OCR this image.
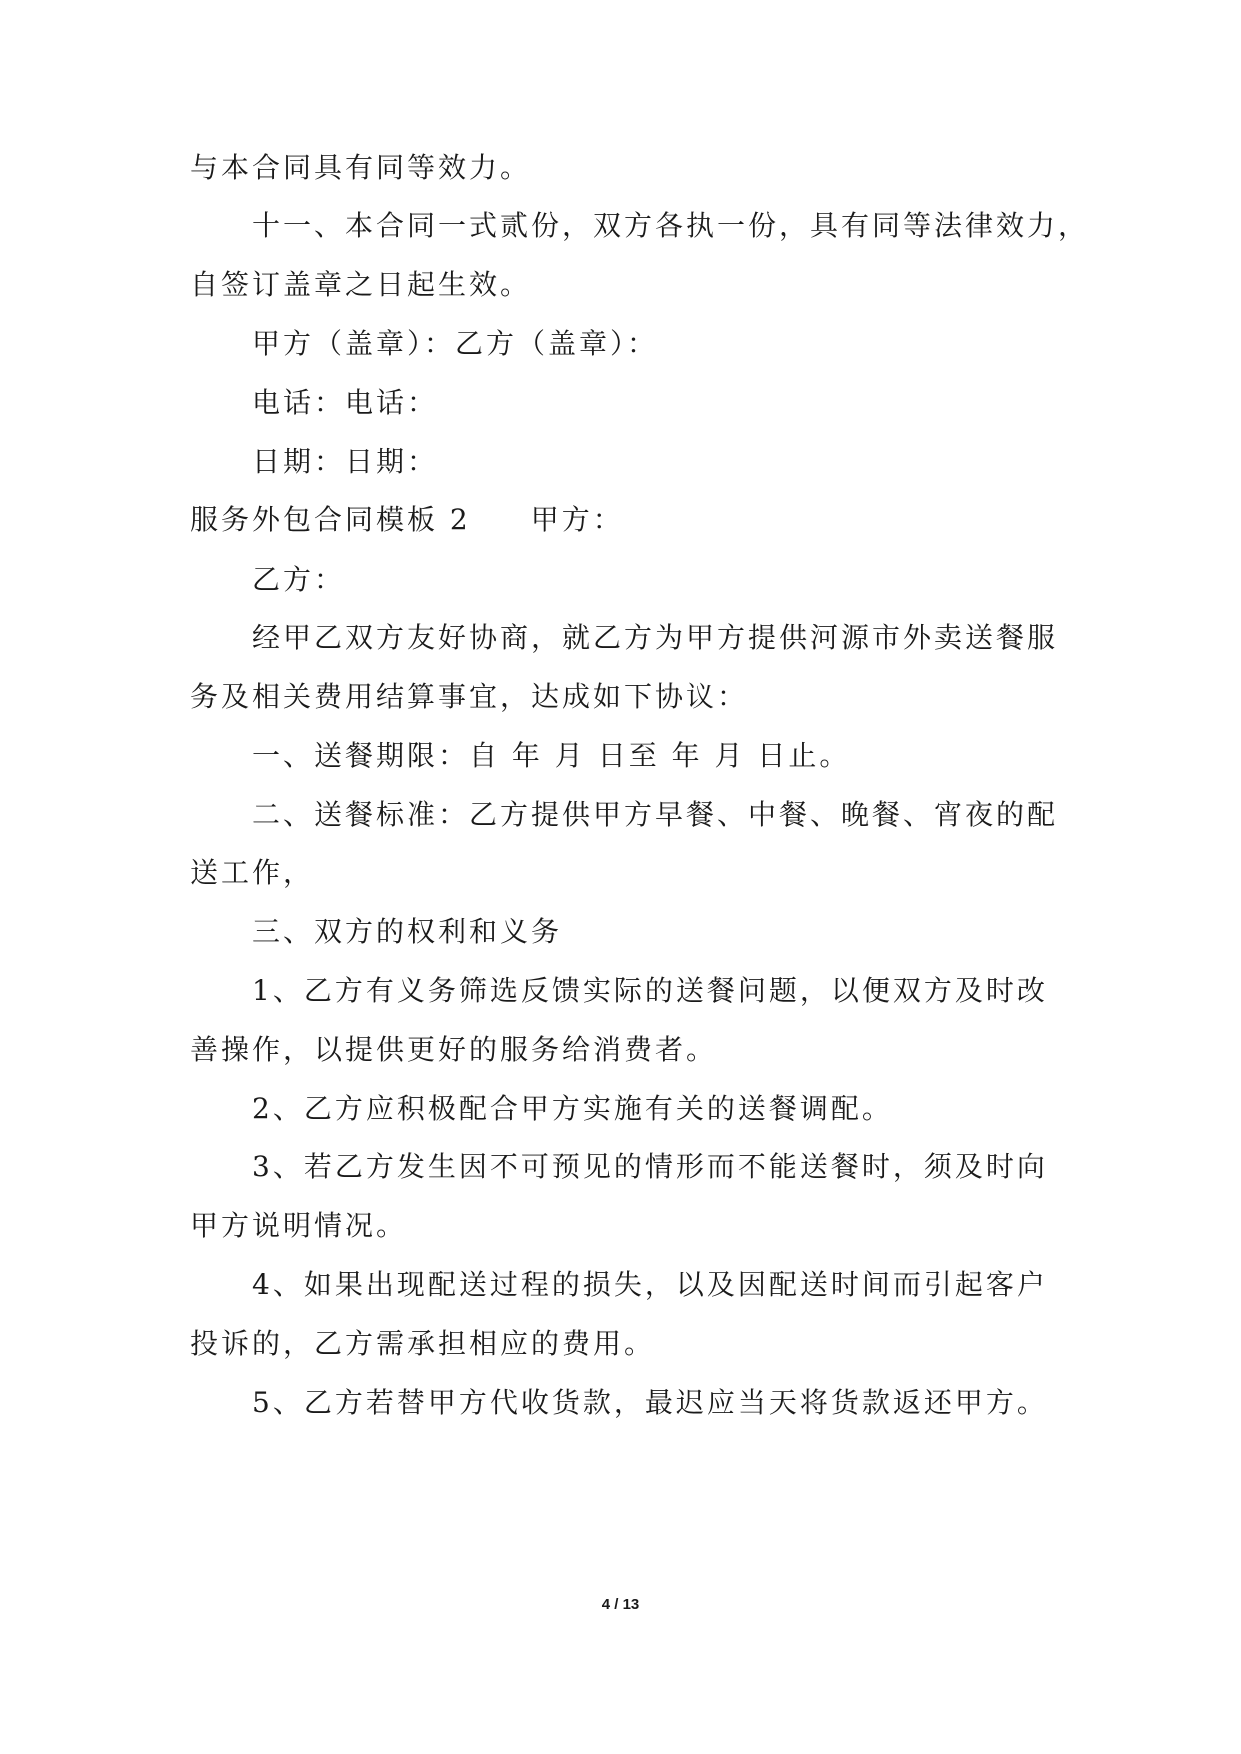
与本合同具有同等效力。
十一、本合同一式贰份，双方各执一份，具有同等法律效力，
自签订盖章之日起生效。
甲方（盖章）：乙方（盖章）：
电话：电话：
日期：日期：
服务外包合同模板 2 甲方：
乙方：
经甲乙双方友好协商，就乙方为甲方提供河源市外卖送餐服
务及相关费用结算事宜，达成如下协议：
一、送餐期限：自 年 月 日至 年 月 日止。
二、送餐标准：乙方提供甲方早餐、中餐、晚餐、宵夜的配
送工作，
三、双方的权利和义务
1、乙方有义务筛选反馈实际的送餐问题，以便双方及时改
善操作，以提供更好的服务给消费者。
2、乙方应积极配合甲方实施有关的送餐调配。
3、若乙方发生因不可预见的情形而不能送餐时，须及时向
甲方说明情况。
4、如果出现配送过程的损失，以及因配送时间而引起客户
投诉的，乙方需承担相应的费用。
5、乙方若替甲方代收货款，最迟应当天将货款返还甲方。
4 / 13
